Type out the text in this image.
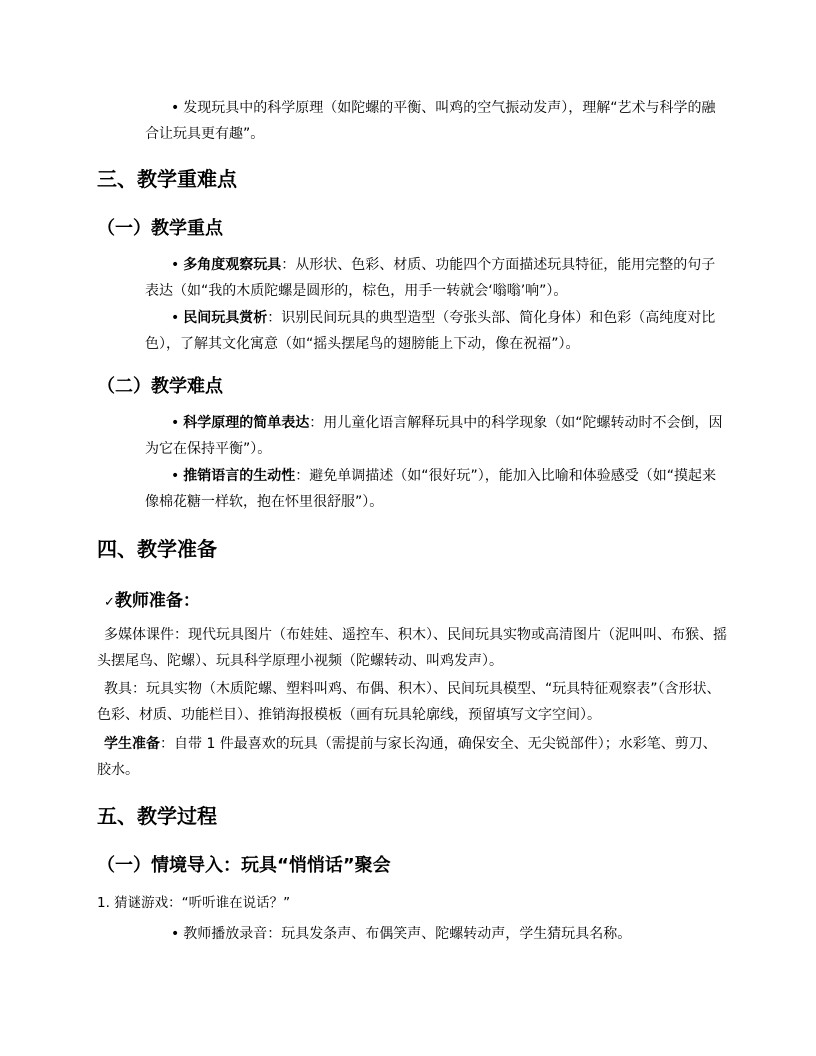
• 发现玩具中的科学原理（如陀螺的平衡、叫鸡的空气振动发声），理解“艺术与科学的融合让玩具更有趣”。

三、教学重难点
（一）教学重点

• 多角度观察玩具：从形状、色彩、材质、功能四个方面描述玩具特征，能用完整的句子表达（如“我的木质陀螺是圆形的，棕色，用手一转就会‘嗡嗡’响”）。

• 民间玩具赏析：识别民间玩具的典型造型（夸张头部、简化身体）和色彩（高纯度对比色），了解其文化寓意（如“摇头摆尾鸟的翅膀能上下动，像在祝福”）。

（二）教学难点

• 科学原理的简单表达：用儿童化语言解释玩具中的科学现象（如“陀螺转动时不会倒，因为它在保持平衡”）。

• 推销语言的生动性：避免单调描述（如“很好玩”），能加入比喻和体验感受（如“摸起来像棉花糖一样软，抱在怀里很舒服”）。

四、教学准备
✓教师准备：

多媒体课件：现代玩具图片（布娃娃、遥控车、积木）、民间玩具实物或高清图片（泥叫叫、布猴、摇头摆尾鸟、陀螺）、玩具科学原理小视频（陀螺转动、叫鸡发声）。

教具：玩具实物（木质陀螺、塑料叫鸡、布偶、积木）、民间玩具模型、“玩具特征观察表”（含形状、色彩、材质、功能栏目）、推销海报模板（画有玩具轮廓线，预留填写文字空间）。

学生准备：自带 1 件最喜欢的玩具（需提前与家长沟通，确保安全、无尖锐部件）；水彩笔、剪刀、胶水。

五、教学过程
（一）情境导入：玩具“悄悄话”聚会

1. 猜谜游戏：“听听谁在说话？”

• 教师播放录音：玩具发条声、布偶笑声、陀螺转动声，学生猜玩具名称。
